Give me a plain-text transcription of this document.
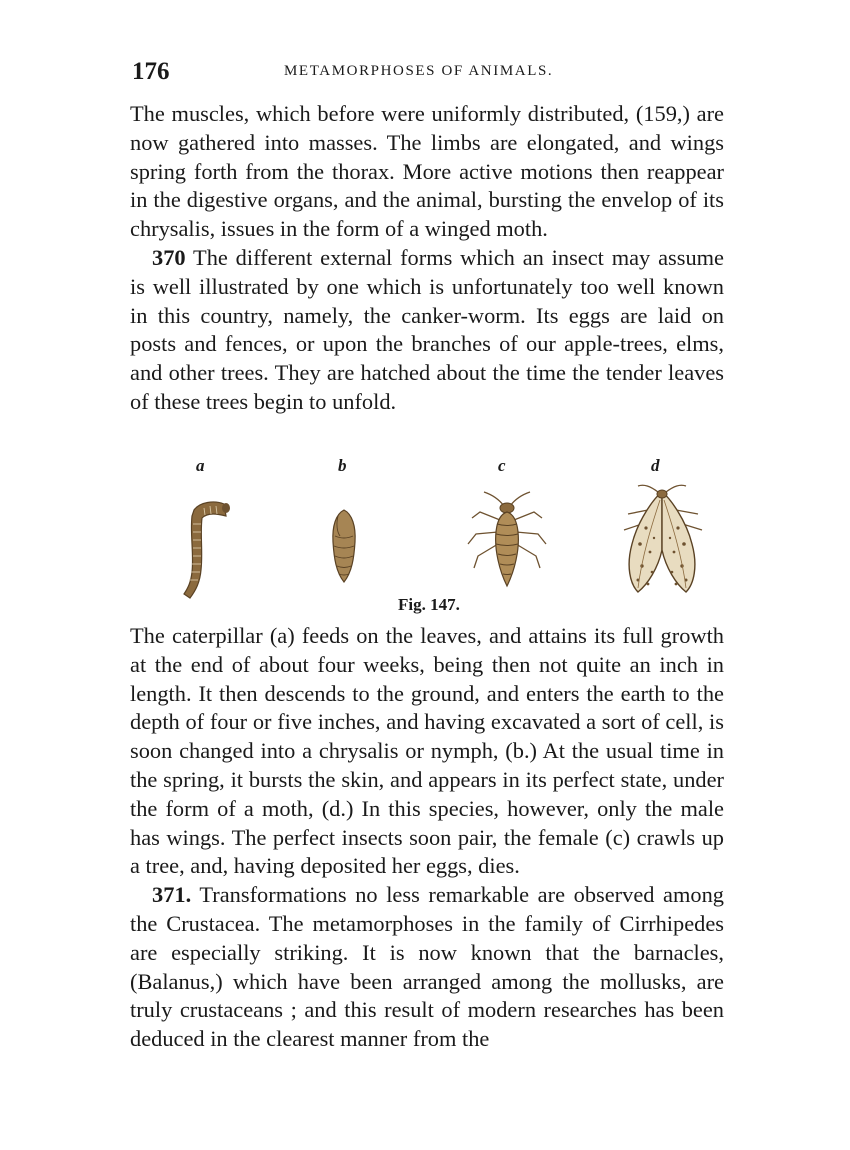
176	METAMORPHOSES OF ANIMALS.

The muscles, which before were uniformly distributed, (159,) are now gathered into masses. The limbs are elongated, and wings spring forth from the thorax. More active motions then reappear in the digestive organs, and the animal, bursting the envelop of its chrysalis, issues in the form of a winged moth.

370 The different external forms which an insect may assume is well illustrated by one which is unfortunately too well known in this country, namely, the canker-worm. Its eggs are laid on posts and fences, or upon the branches of our apple-trees, elms, and other trees. They are hatched about the time the tender leaves of these trees begin to unfold.

a	b	c	d
Fig. 147.

The caterpillar (a) feeds on the leaves, and attains its full growth at the end of about four weeks, being then not quite an inch in length. It then descends to the ground, and enters the earth to the depth of four or five inches, and having excavated a sort of cell, is soon changed into a chrysalis or nymph, (b.) At the usual time in the spring, it bursts the skin, and appears in its perfect state, under the form of a moth, (d.) In this species, however, only the male has wings. The perfect insects soon pair, the female (c) crawls up a tree, and, having deposited her eggs, dies.

371. Transformations no less remarkable are observed among the Crustacea. The metamorphoses in the family of Cirrhipedes are especially striking. It is now known that the barnacles, (Balanus,) which have been arranged among the mollusks, are truly crustaceans ; and this result of modern researches has been deduced in the clearest manner from the
